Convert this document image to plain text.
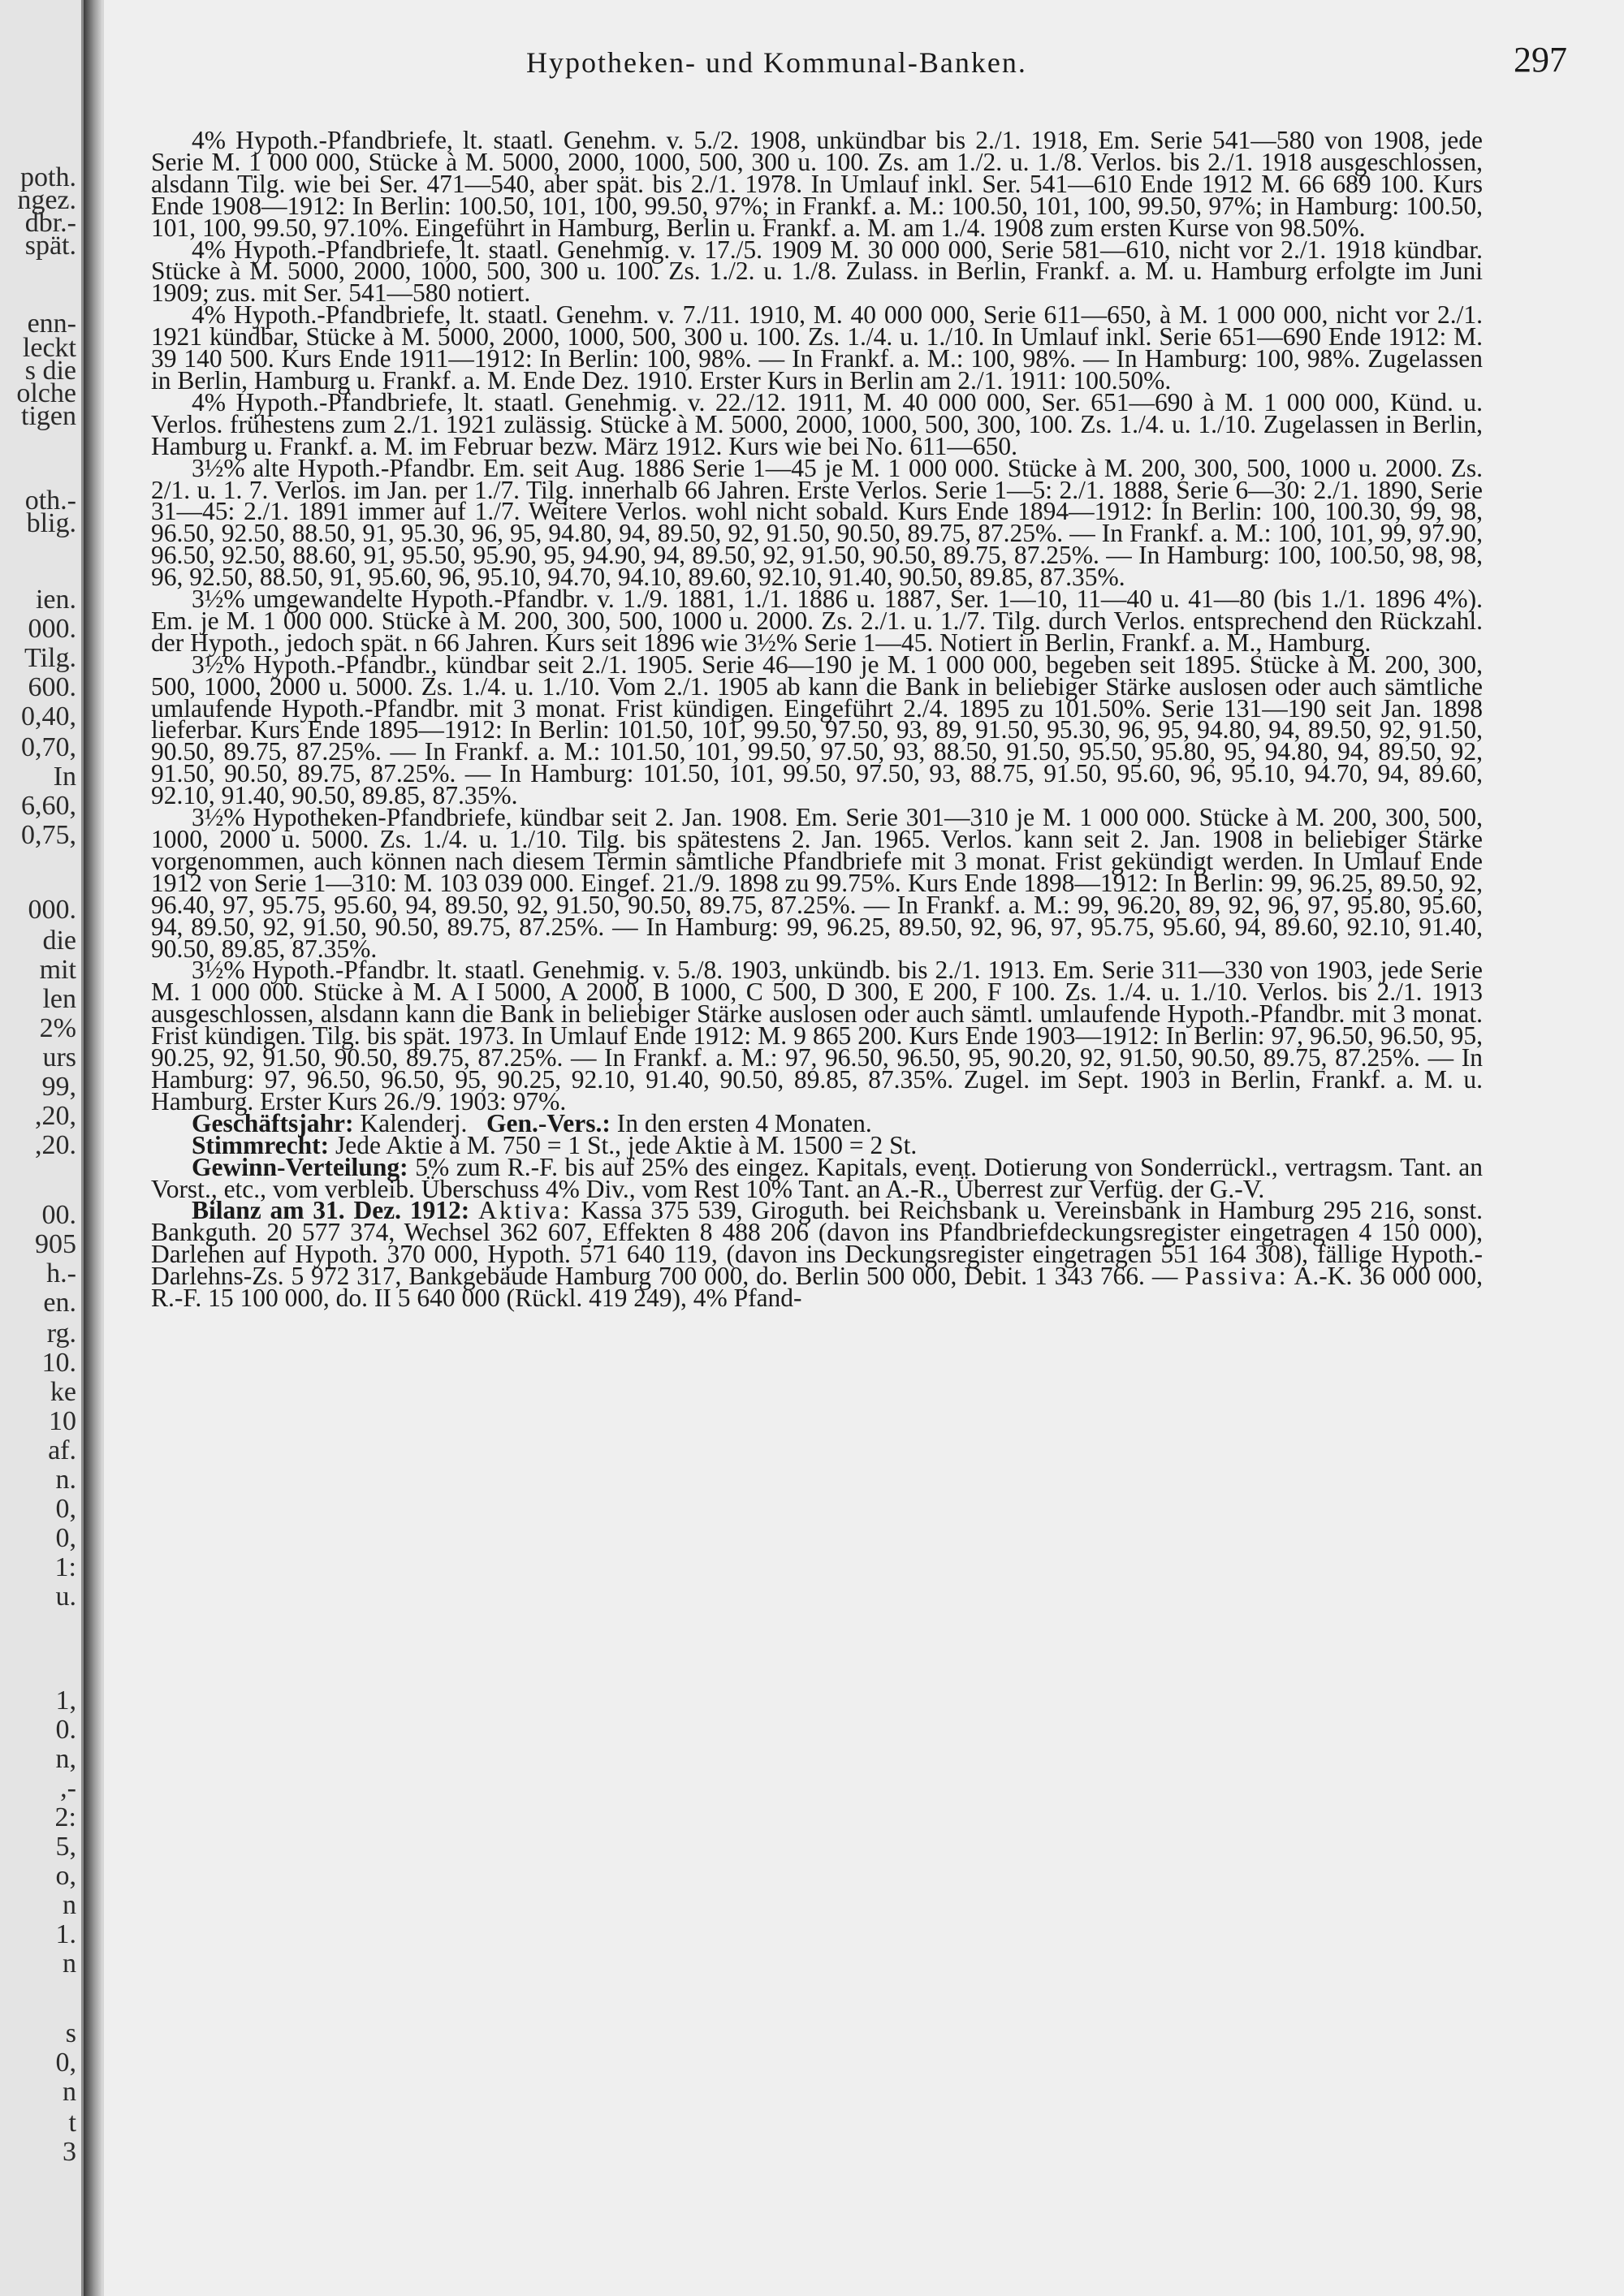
poth.
ngez.
dbr.-
spät.
enn-
leckt
s die
olche
tigen
oth.-
blig.
ien.
000.
Tilg.
600.
0,40,
0,70,
In
6,60,
0,75,
000.
die
mit
len
2%
urs
99,
,20,
,20.
00.
905
h.-
en.
rg.
10.
ke
10
af.
n.
0,
0,
1:
u.
1,
0.
n,
,-
2:
5,
o,
n
1.
n
s
0,
n
t
3
Hypotheken- und Kommunal-Banken.	297

4% Hypoth.-Pfandbriefe, lt. staatl. Genehm. v. 5./2. 1908, unkündbar bis 2./1. 1918, Em. Serie 541—580 von 1908, jede Serie M. 1 000 000, Stücke à M. 5000, 2000, 1000, 500, 300 u. 100. Zs. am 1./2. u. 1./8. Verlos. bis 2./1. 1918 ausgeschlossen, alsdann Tilg. wie bei Ser. 471—540, aber spät. bis 2./1. 1978. In Umlauf inkl. Ser. 541—610 Ende 1912 M. 66 689 100. Kurs Ende 1908—1912: In Berlin: 100.50, 101, 100, 99.50, 97%; in Frankf. a. M.: 100.50, 101, 100, 99.50, 97%; in Hamburg: 100.50, 101, 100, 99.50, 97.10%. Eingeführt in Hamburg, Berlin u. Frankf. a. M. am 1./4. 1908 zum ersten Kurse von 98.50%.

4% Hypoth.-Pfandbriefe, lt. staatl. Genehmig. v. 17./5. 1909 M. 30 000 000, Serie 581—610, nicht vor 2./1. 1918 kündbar. Stücke à M. 5000, 2000, 1000, 500, 300 u. 100. Zs. 1./2. u. 1./8. Zulass. in Berlin, Frankf. a. M. u. Hamburg erfolgte im Juni 1909; zus. mit Ser. 541—580 notiert.

4% Hypoth.-Pfandbriefe, lt. staatl. Genehm. v. 7./11. 1910, M. 40 000 000, Serie 611—650, à M. 1 000 000, nicht vor 2./1. 1921 kündbar, Stücke à M. 5000, 2000, 1000, 500, 300 u. 100. Zs. 1./4. u. 1./10. In Umlauf inkl. Serie 651—690 Ende 1912: M. 39 140 500. Kurs Ende 1911—1912: In Berlin: 100, 98%. — In Frankf. a. M.: 100, 98%. — In Hamburg: 100, 98%. Zugelassen in Berlin, Hamburg u. Frankf. a. M. Ende Dez. 1910. Erster Kurs in Berlin am 2./1. 1911: 100.50%.

4% Hypoth.-Pfandbriefe, lt. staatl. Genehmig. v. 22./12. 1911, M. 40 000 000, Ser. 651—690 à M. 1 000 000, Künd. u. Verlos. frühestens zum 2./1. 1921 zulässig. Stücke à M. 5000, 2000, 1000, 500, 300, 100. Zs. 1./4. u. 1./10. Zugelassen in Berlin, Hamburg u. Frankf. a. M. im Februar bezw. März 1912. Kurs wie bei No. 611—650.

3½% alte Hypoth.-Pfandbr. Em. seit Aug. 1886 Serie 1—45 je M. 1 000 000. Stücke à M. 200, 300, 500, 1000 u. 2000. Zs. 2/1. u. 1. 7. Verlos. im Jan. per 1./7. Tilg. innerhalb 66 Jahren. Erste Verlos. Serie 1—5: 2./1. 1888, Serie 6—30: 2./1. 1890, Serie 31—45: 2./1. 1891 immer auf 1./7. Weitere Verlos. wohl nicht sobald. Kurs Ende 1894—1912: In Berlin: 100, 100.30, 99, 98, 96.50, 92.50, 88.50, 91, 95.30, 96, 95, 94.80, 94, 89.50, 92, 91.50, 90.50, 89.75, 87.25%. — In Frankf. a. M.: 100, 101, 99, 97.90, 96.50, 92.50, 88.60, 91, 95.50, 95.90, 95, 94.90, 94, 89.50, 92, 91.50, 90.50, 89.75, 87.25%. — In Hamburg: 100, 100.50, 98, 98, 96, 92.50, 88.50, 91, 95.60, 96, 95.10, 94.70, 94.10, 89.60, 92.10, 91.40, 90.50, 89.85, 87.35%.

3½% umgewandelte Hypoth.-Pfandbr. v. 1./9. 1881, 1./1. 1886 u. 1887, Ser. 1—10, 11—40 u. 41—80 (bis 1./1. 1896 4%). Em. je M. 1 000 000. Stücke à M. 200, 300, 500, 1000 u. 2000. Zs. 2./1. u. 1./7. Tilg. durch Verlos. entsprechend den Rückzahl. der Hypoth., jedoch spät. n 66 Jahren. Kurs seit 1896 wie 3½% Serie 1—45. Notiert in Berlin, Frankf. a. M., Hamburg.

3½% Hypoth.-Pfandbr., kündbar seit 2./1. 1905. Serie 46—190 je M. 1 000 000, begeben seit 1895. Stücke à M. 200, 300, 500, 1000, 2000 u. 5000. Zs. 1./4. u. 1./10. Vom 2./1. 1905 ab kann die Bank in beliebiger Stärke auslosen oder auch sämtliche umlaufende Hypoth.-Pfandbr. mit 3 monat. Frist kündigen. Eingeführt 2./4. 1895 zu 101.50%. Serie 131—190 seit Jan. 1898 lieferbar. Kurs Ende 1895—1912: In Berlin: 101.50, 101, 99.50, 97.50, 93, 89, 91.50, 95.30, 96, 95, 94.80, 94, 89.50, 92, 91.50, 90.50, 89.75, 87.25%. — In Frankf. a. M.: 101.50, 101, 99.50, 97.50, 93, 88.50, 91.50, 95.50, 95.80, 95, 94.80, 94, 89.50, 92, 91.50, 90.50, 89.75, 87.25%. — In Hamburg: 101.50, 101, 99.50, 97.50, 93, 88.75, 91.50, 95.60, 96, 95.10, 94.70, 94, 89.60, 92.10, 91.40, 90.50, 89.85, 87.35%.

3½% Hypotheken-Pfandbriefe, kündbar seit 2. Jan. 1908. Em. Serie 301—310 je M. 1 000 000. Stücke à M. 200, 300, 500, 1000, 2000 u. 5000. Zs. 1./4. u. 1./10. Tilg. bis spätestens 2. Jan. 1965. Verlos. kann seit 2. Jan. 1908 in beliebiger Stärke vorgenommen, auch können nach diesem Termin sämtliche Pfandbriefe mit 3 monat. Frist gekündigt werden. In Umlauf Ende 1912 von Serie 1—310: M. 103 039 000. Eingef. 21./9. 1898 zu 99.75%. Kurs Ende 1898—1912: In Berlin: 99, 96.25, 89.50, 92, 96.40, 97, 95.75, 95.60, 94, 89.50, 92, 91.50, 90.50, 89.75, 87.25%. — In Frankf. a. M.: 99, 96.20, 89, 92, 96, 97, 95.80, 95.60, 94, 89.50, 92, 91.50, 90.50, 89.75, 87.25%. — In Hamburg: 99, 96.25, 89.50, 92, 96, 97, 95.75, 95.60, 94, 89.60, 92.10, 91.40, 90.50, 89.85, 87.35%.

3½% Hypoth.-Pfandbr. lt. staatl. Genehmig. v. 5./8. 1903, unkündb. bis 2./1. 1913. Em. Serie 311—330 von 1903, jede Serie M. 1 000 000. Stücke à M. A I 5000, A 2000, B 1000, C 500, D 300, E 200, F 100. Zs. 1./4. u. 1./10. Verlos. bis 2./1. 1913 ausgeschlossen, alsdann kann die Bank in beliebiger Stärke auslosen oder auch sämtl. umlaufende Hypoth.-Pfandbr. mit 3 monat. Frist kündigen. Tilg. bis spät. 1973. In Umlauf Ende 1912: M. 9 865 200. Kurs Ende 1903—1912: In Berlin: 97, 96.50, 96.50, 95, 90.25, 92, 91.50, 90.50, 89.75, 87.25%. — In Frankf. a. M.: 97, 96.50, 96.50, 95, 90.20, 92, 91.50, 90.50, 89.75, 87.25%. — In Hamburg: 97, 96.50, 96.50, 95, 90.25, 92.10, 91.40, 90.50, 89.85, 87.35%. Zugel. im Sept. 1903 in Berlin, Frankf. a. M. u. Hamburg. Erster Kurs 26./9. 1903: 97%.

Geschäftsjahr: Kalenderj. Gen.-Vers.: In den ersten 4 Monaten.

Stimmrecht: Jede Aktie à M. 750 = 1 St., jede Aktie à M. 1500 = 2 St.

Gewinn-Verteilung: 5% zum R.-F. bis auf 25% des eingez. Kapitals, event. Dotierung von Sonderrückl., vertragsm. Tant. an Vorst., etc., vom verbleib. Überschuss 4% Div., vom Rest 10% Tant. an A.-R., Überrest zur Verfüg. der G.-V.

Bilanz am 31. Dez. 1912: Aktiva: Kassa 375 539, Giroguth. bei Reichsbank u. Vereinsbank in Hamburg 295 216, sonst. Bankguth. 20 577 374, Wechsel 362 607, Effekten 8 488 206 (davon ins Pfandbriefdeckungsregister eingetragen 4 150 000), Darlehen auf Hypoth. 370 000, Hypoth. 571 640 119, (davon ins Deckungsregister eingetragen 551 164 308), fällige Hypoth.-Darlehns-Zs. 5 972 317, Bankgebäude Hamburg 700 000, do. Berlin 500 000, Debit. 1 343 766. — Passiva: A.-K. 36 000 000, R.-F. 15 100 000, do. II 5 640 000 (Rückl. 419 249), 4% Pfand-
